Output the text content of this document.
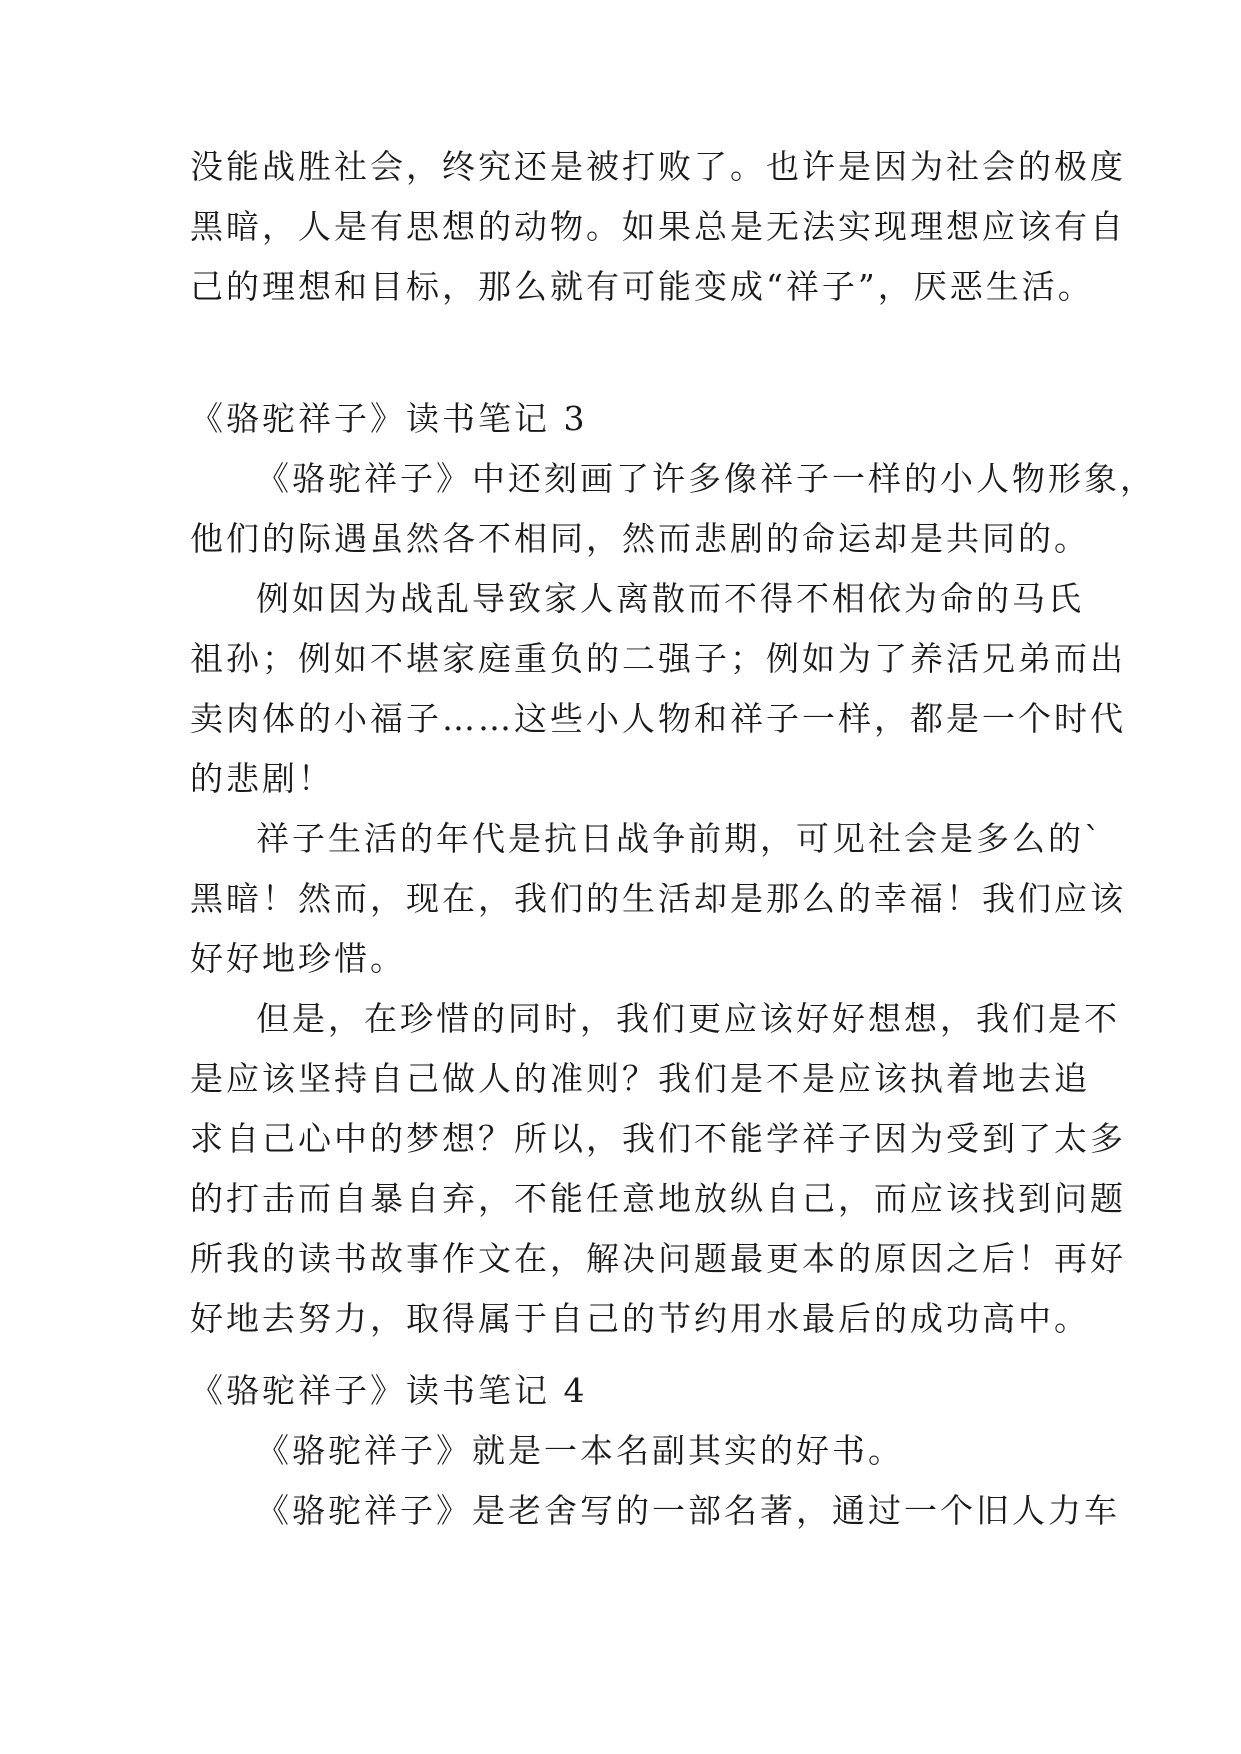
没能战胜社会，终究还是被打败了。也许是因为社会的极度
黑暗，人是有思想的动物。如果总是无法实现理想应该有自
己的理想和目标，那么就有可能变成“祥子”，厌恶生活。

《骆驼祥子》读书笔记 3

《骆驼祥子》中还刻画了许多像祥子一样的小人物形象，
他们的际遇虽然各不相同，然而悲剧的命运却是共同的。

例如因为战乱导致家人离散而不得不相依为命的马氏
祖孙；例如不堪家庭重负的二强子；例如为了养活兄弟而出
卖肉体的小福子……这些小人物和祥子一样，都是一个时代
的悲剧！

祥子生活的年代是抗日战争前期，可见社会是多么的`
黑暗！然而，现在，我们的生活却是那么的幸福！我们应该
好好地珍惜。

但是，在珍惜的同时，我们更应该好好想想，我们是不
是应该坚持自己做人的准则？我们是不是应该执着地去追
求自己心中的梦想？所以，我们不能学祥子因为受到了太多
的打击而自暴自弃，不能任意地放纵自己，而应该找到问题
所我的读书故事作文在，解决问题最更本的原因之后！再好
好地去努力，取得属于自己的节约用水最后的成功高中。

《骆驼祥子》读书笔记 4

《骆驼祥子》就是一本名副其实的好书。

《骆驼祥子》是老舍写的一部名著，通过一个旧人力车
